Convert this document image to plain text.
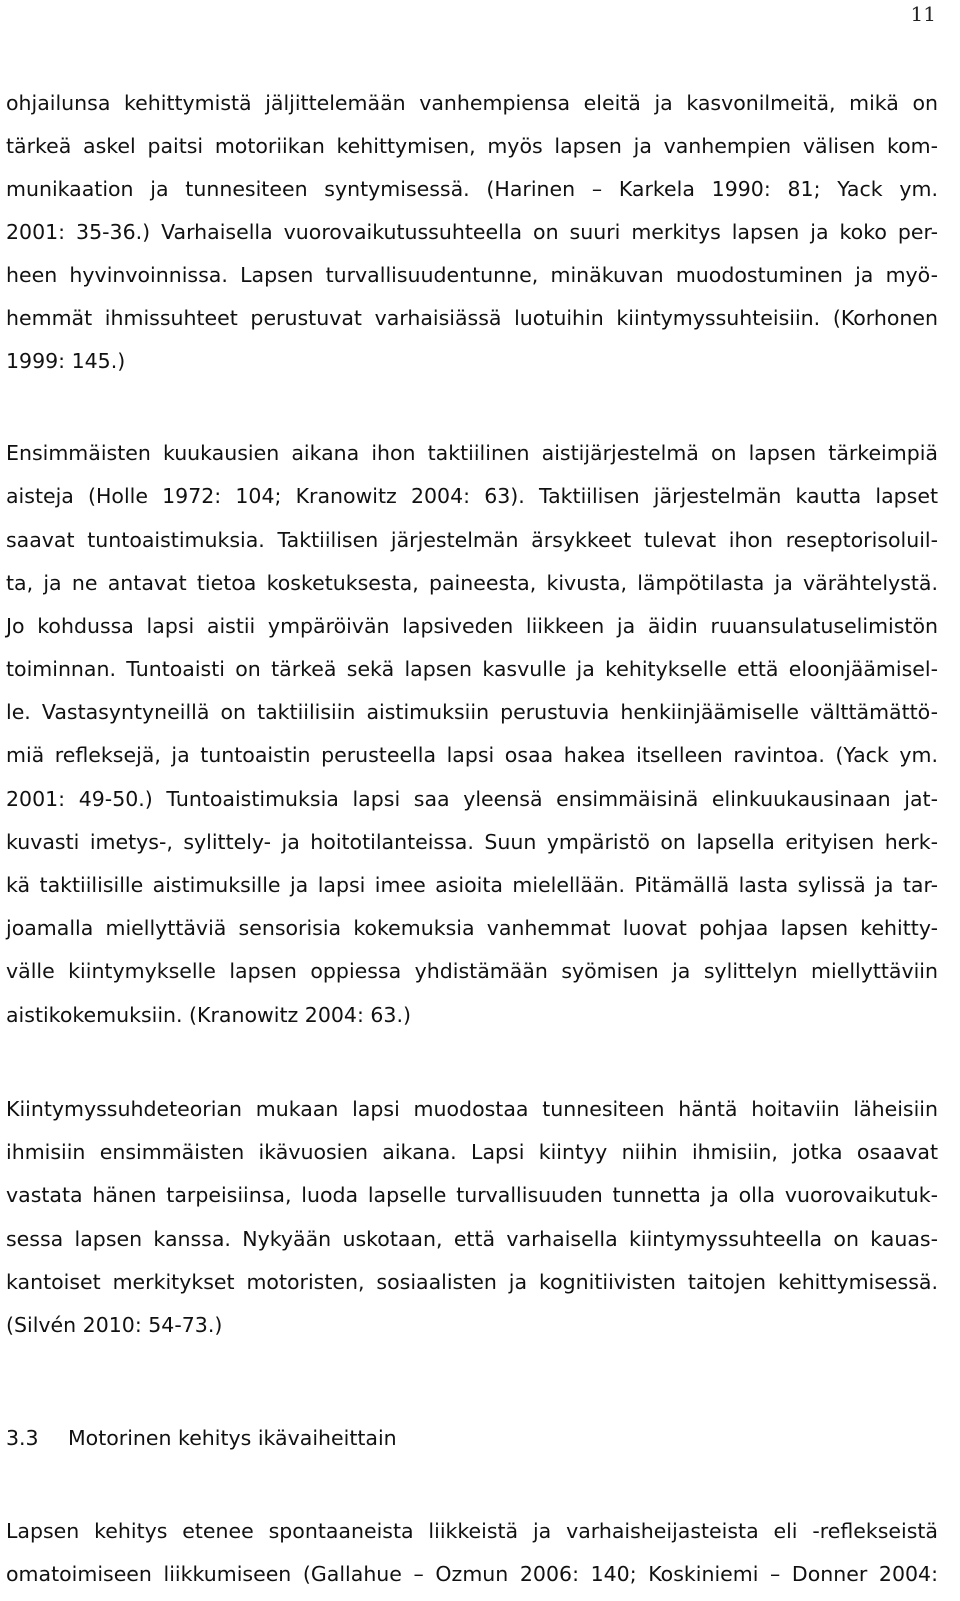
11
ohjailunsa kehittymistä jäljittelemään vanhempiensa eleitä ja kasvonilmeitä, mikä on
tärkeä askel paitsi motoriikan kehittymisen, myös lapsen ja vanhempien välisen kom-
munikaation ja tunnesiteen syntymisessä. (Harinen – Karkela 1990: 81; Yack ym.
2001: 35-36.) Varhaisella vuorovaikutussuhteella on suuri merkitys lapsen ja koko per-
heen hyvinvoinnissa. Lapsen turvallisuudentunne, minäkuvan muodostuminen ja myö-
hemmät ihmissuhteet perustuvat varhaisiässä luotuihin kiintymyssuhteisiin. (Korhonen
1999: 145.)
Ensimmäisten kuukausien aikana ihon taktiilinen aistijärjestelmä on lapsen tärkeimpiä
aisteja (Holle 1972: 104; Kranowitz 2004: 63). Taktiilisen järjestelmän kautta lapset
saavat tuntoaistimuksia. Taktiilisen järjestelmän ärsykkeet tulevat ihon reseptorisoluil-
ta, ja ne antavat tietoa kosketuksesta, paineesta, kivusta, lämpötilasta ja värähtelystä.
Jo kohdussa lapsi aistii ympäröivän lapsiveden liikkeen ja äidin ruuansulatuselimistön
toiminnan. Tuntoaisti on tärkeä sekä lapsen kasvulle ja kehitykselle että eloonjäämisel-
le. Vastasyntyneillä on taktiilisiin aistimuksiin perustuvia henkiinjäämiselle välttämättö-
miä refleksejä, ja tuntoaistin perusteella lapsi osaa hakea itselleen ravintoa. (Yack ym.
2001: 49-50.) Tuntoaistimuksia lapsi saa yleensä ensimmäisinä elinkuukausinaan jat-
kuvasti imetys-, sylittely- ja hoitotilanteissa. Suun ympäristö on lapsella erityisen herk-
kä taktiilisille aistimuksille ja lapsi imee asioita mielellään. Pitämällä lasta sylissä ja tar-
joamalla miellyttäviä sensorisia kokemuksia vanhemmat luovat pohjaa lapsen kehitty-
välle kiintymykselle lapsen oppiessa yhdistämään syömisen ja sylittelyn miellyttäviin
aistikokemuksiin. (Kranowitz 2004: 63.)
Kiintymyssuhdeteorian mukaan lapsi muodostaa tunnesiteen häntä hoitaviin läheisiin
ihmisiin ensimmäisten ikävuosien aikana. Lapsi kiintyy niihin ihmisiin, jotka osaavat
vastata hänen tarpeisiinsa, luoda lapselle turvallisuuden tunnetta ja olla vuorovaikutuk-
sessa lapsen kanssa. Nykyään uskotaan, että varhaisella kiintymyssuhteella on kauas-
kantoiset merkitykset motoristen, sosiaalisten ja kognitiivisten taitojen kehittymisessä.
(Silvén 2010: 54-73.)
3.3 Motorinen kehitys ikävaiheittain
Lapsen kehitys etenee spontaaneista liikkeistä ja varhaisheijasteista eli -reflekseistä
omatoimiseen liikkumiseen (Gallahue – Ozmun 2006: 140; Koskiniemi – Donner 2004:
